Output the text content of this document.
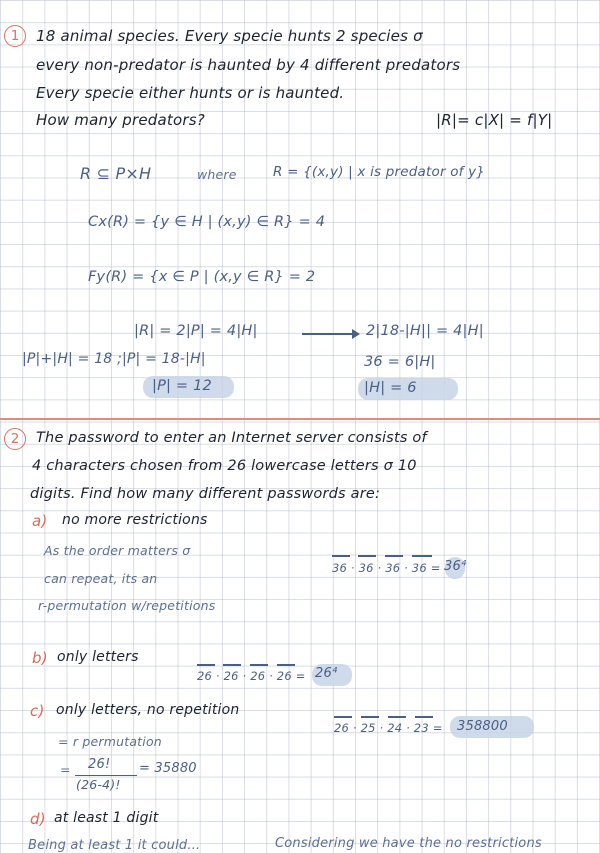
1 18 animal species. Every specie hunts 2 species σ
every non-predator is haunted by 4 different predators
Every specie either hunts or is haunted.
How many predators?	|R|= c|X| = f|Y|
R ⊆ P×H	where	R = {(x,y) | x is predator of y}
Cx(R) = {y ∈ H | (x,y) ∈ R} = 4
Fy(R) = {x ∈ P | (x,y ∈ R} = 2
|R| = 2|P| = 4|H|	2|18-|H|| = 4|H|
|P|+|H| = 18 ;|P| = 18-|H|	36 = 6|H|
|P| = 12	|H| = 6
2 The password to enter an Internet server consists of
4 characters chosen from 26 lowercase letters σ 10
digits. Find how many different passwords are:
a) no more restrictions
As the order matters σ
can repeat, its an
r-permutation w/repetitions
36 · 36 · 36 · 36 = 36⁴
b) only letters
26 · 26 · 26 · 26 = 26⁴
c) only letters, no repetition
= r permutation
26 · 25 · 24 · 23 = 358800
= 26!
(26-4)!
= 35880
d) at least 1 digit
Being at least 1 it could...	Considering we have the no restrictions
